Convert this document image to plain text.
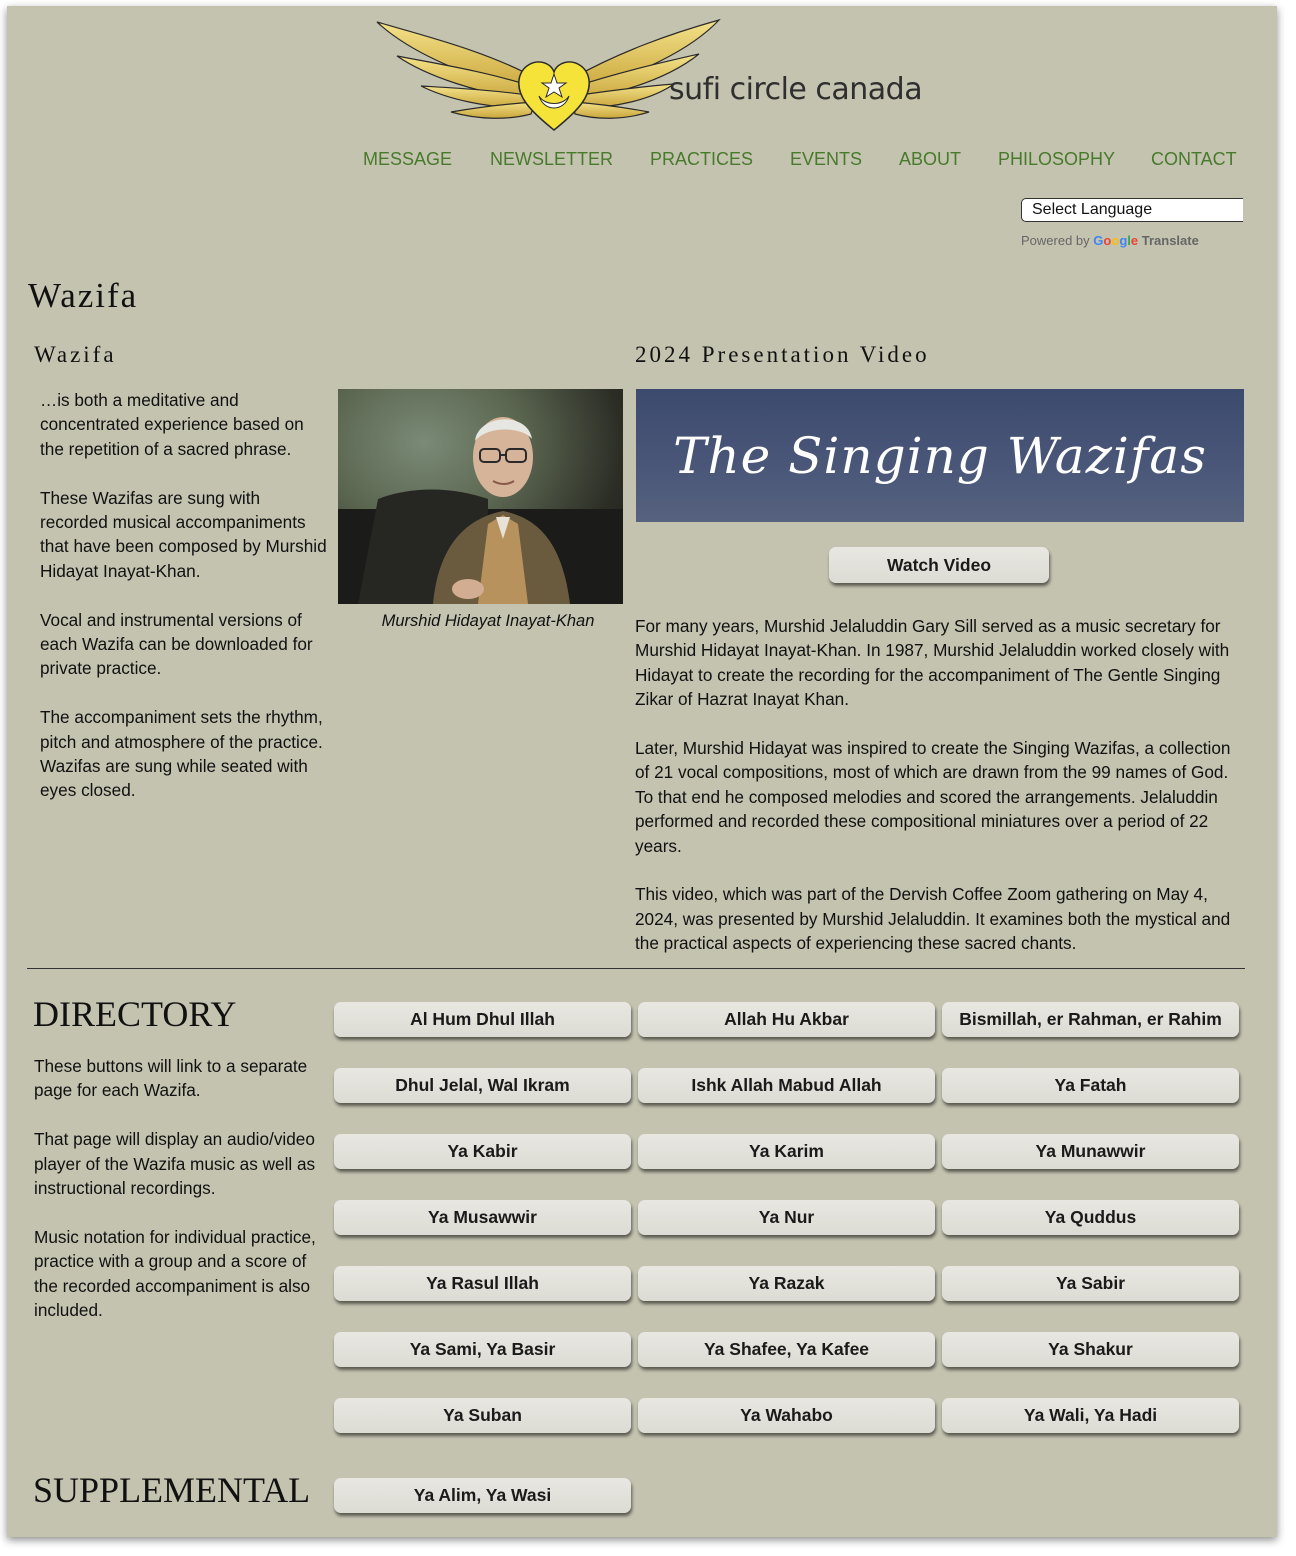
sufi circle canada
MESSAGE NEWSLETTER PRACTICES EVENTS ABOUT PHILOSOPHY CONTACT
Select Language
Powered by Google Translate
Wazifa
Wazifa	2024 Presentation Video

…is both a meditative and concentrated experience based on the repetition of a sacred phrase.

These Wazifas are sung with recorded musical accompaniments that have been composed by Murshid Hidayat Inayat-Khan.

Vocal and instrumental versions of each Wazifa can be downloaded for private practice.

The accompaniment sets the rhythm, pitch and atmosphere of the practice. Wazifas are sung while seated with eyes closed.

Murshid Hidayat Inayat-Khan
The Singing Wazifas
Watch Video

For many years, Murshid Jelaluddin Gary Sill served as a music secretary for Murshid Hidayat Inayat-Khan. In 1987, Murshid Jelaluddin worked closely with Hidayat to create the recording for the accompaniment of The Gentle Singing Zikar of Hazrat Inayat Khan.

Later, Murshid Hidayat was inspired to create the Singing Wazifas, a collection of 21 vocal compositions, most of which are drawn from the 99 names of God. To that end he composed melodies and scored the arrangements. Jelaluddin performed and recorded these compositional miniatures over a period of 22 years.

This video, which was part of the Dervish Coffee Zoom gathering on May 4, 2024, was presented by Murshid Jelaluddin. It examines both the mystical and the practical aspects of experiencing these sacred chants.

DIRECTORY

These buttons will link to a separate page for each Wazifa.

That page will display an audio/video player of the Wazifa music as well as instructional recordings.

Music notation for individual practice, practice with a group and a score of the recorded accompaniment is also included.

Al Hum Dhul Illah	Allah Hu Akbar	Bismillah, er Rahman, er Rahim
Dhul Jelal, Wal Ikram	Ishk Allah Mabud Allah	Ya Fatah
Ya Kabir	Ya Karim	Ya Munawwir
Ya Musawwir	Ya Nur	Ya Quddus
Ya Rasul Illah	Ya Razak	Ya Sabir
Ya Sami, Ya Basir	Ya Shafee, Ya Kafee	Ya Shakur
Ya Suban	Ya Wahabo	Ya Wali, Ya Hadi
SUPPLEMENTAL	Ya Alim, Ya Wasi
